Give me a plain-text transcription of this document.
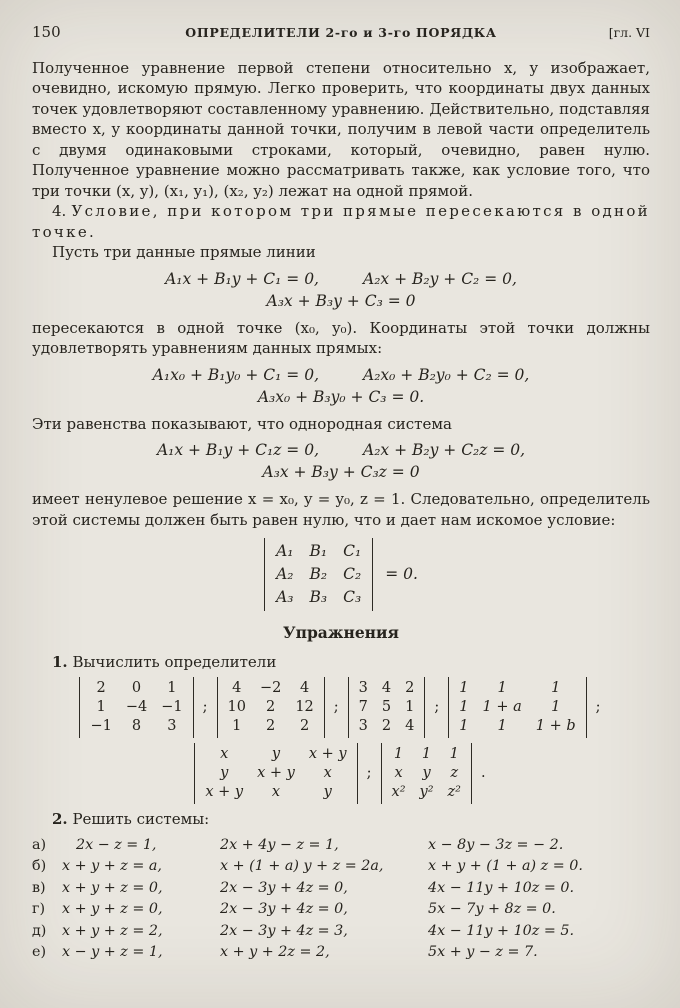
150	ОПРЕДЕЛИТЕЛИ 2-го и 3-го ПОРЯДКА	[гл. VI

Полученное уравнение первой степени относительно x, y изображает, очевидно, искомую прямую. Легко проверить, что координаты двух данных точек удовлетворяют составленному уравнению. Действительно, подставляя вместо x, y координаты данной точки, получим в левой части определитель с двумя одинаковыми строками, который, очевидно, равен нулю. Полученное уравнение можно рассматривать также, как условие того, что три точки (x, y), (x₁, y₁), (x₂, y₂) лежат на одной прямой.

4. Условие, при котором три прямые пересекаются в одной точке.

Пусть три данные прямые линии

A₁x + B₁y + C₁ = 0,	A₂x + B₂y + C₂ = 0,
A₃x + B₃y + C₃ = 0

пересекаются в одной точке (x₀, y₀). Координаты этой точки должны удовлетворять уравнениям данных прямых:

A₁x₀ + B₁y₀ + C₁ = 0,	A₂x₀ + B₂y₀ + C₂ = 0,
A₃x₀ + B₃y₀ + C₃ = 0.

Эти равенства показывают, что однородная система

A₁x + B₁y + C₁z = 0,	A₂x + B₂y + C₂z = 0,
A₃x + B₃y + C₃z = 0

имеет ненулевое решение x = x₀, y = y₀, z = 1. Следовательно, определитель этой системы должен быть равен нулю, что и дает нам искомое условие:

A₁	B₁	C₁
A₂	B₂	C₂
A₃	B₃	C₃
= 0.
Упражнения

1. Вычислить определители

2	0	1
1	−4	−1
−1	8	3
;
4	−2	4
10	2	12
1	2	2
;
3	4	2
7	5	1
3	2	4
;
1	1	1
1	1 + a	1
1	1	1 + b
;
x	y	x + y
y	x + y	x
x + y	x	y
;
1	1	1
x	y	z
x²	y²	z²
.

2. Решить системы:

а)	2x − z = 1,	2x + 4y − z = 1,	x − 8y − 3z = − 2.
б)	x + y + z = a,	x + (1 + a) y + z = 2a,	x + y + (1 + a) z = 0.
в)	x + y + z = 0,	2x − 3y + 4z = 0,	4x − 11y + 10z = 0.
г)	x + y + z = 0,	2x − 3y + 4z = 0,	5x − 7y + 8z = 0.
д)	x + y + z = 2,	2x − 3y + 4z = 3,	4x − 11y + 10z = 5.
е)	x − y + z = 1,	x + y + 2z = 2,	5x + y − z = 7.
